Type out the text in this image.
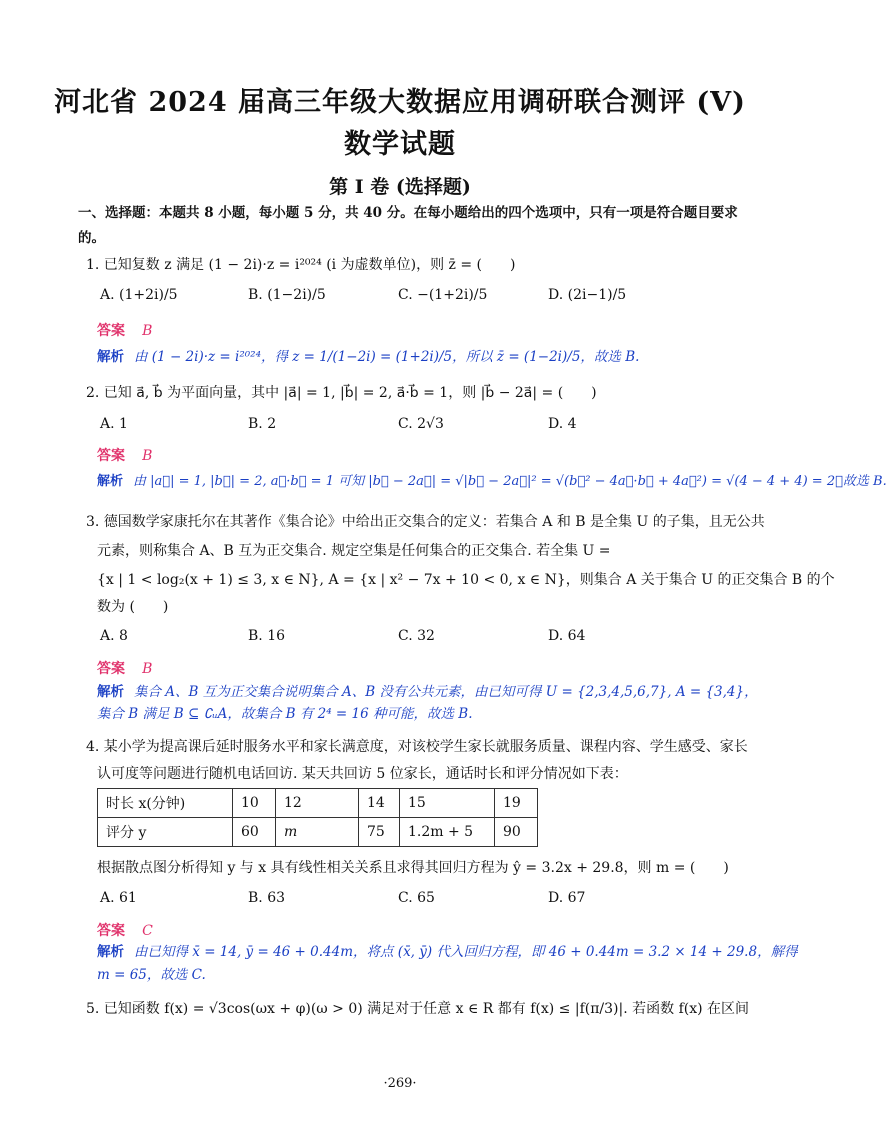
河北省 2024 届高三年级大数据应用调研联合测评 (V)
数学试题
第 I 卷 (选择题)
一、选择题：本题共 8 小题，每小题 5 分，共 40 分。在每小题给出的四个选项中，只有一项是符合题目要求
的。
1. 已知复数 z 满足 (1 − 2i)·z = i²⁰²⁴ (i 为虚数单位)，则 z̄ = (　　)
A. (1+2i)/5	B. (1−2i)/5	C. −(1+2i)/5	D. (2i−1)/5
答案 B
解析 由 (1 − 2i)·z = i²⁰²⁴，得 z = 1/(1−2i) = (1+2i)/5，所以 z̄ = (1−2i)/5，故选 B.
2. 已知 a⃗, b⃗ 为平面向量，其中 |a⃗| = 1, |b⃗| = 2, a⃗·b⃗ = 1，则 |b⃗ − 2a⃗| = (　　)
A. 1	B. 2	C. 2√3	D. 4
答案 B
解析 由 |a⃗| = 1, |b⃗| = 2, a⃗·b⃗ = 1 可知 |b⃗ − 2a⃗| = √|b⃗ − 2a⃗|² = √(b⃗² − 4a⃗·b⃗ + 4a⃗²) = √(4 − 4 + 4) = 2，故选 B.
3. 德国数学家康托尔在其著作《集合论》中给出正交集合的定义：若集合 A 和 B 是全集 U 的子集，且无公共
元素，则称集合 A、B 互为正交集合. 规定空集是任何集合的正交集合. 若全集 U =
{x | 1 < log₂(x + 1) ≤ 3, x ∈ N}, A = {x | x² − 7x + 10 < 0, x ∈ N}，则集合 A 关于集合 U 的正交集合 B 的个
数为 (　　)
A. 8	B. 16	C. 32	D. 64
答案 B
解析 集合 A、B 互为正交集合说明集合 A、B 没有公共元素，由已知可得 U = {2,3,4,5,6,7}, A = {3,4}，
集合 B 满足 B ⊆ ∁ᵤA，故集合 B 有 2⁴ = 16 种可能，故选 B.
4. 某小学为提高课后延时服务水平和家长满意度，对该校学生家长就服务质量、课程内容、学生感受、家长
认可度等问题进行随机电话回访. 某天共回访 5 位家长，通话时长和评分情况如下表：
时长 x(分钟)	10	12	14	15	19
评分 y	60	m	75	1.2m + 5	90
根据散点图分析得知 y 与 x 具有线性相关关系且求得其回归方程为 ŷ = 3.2x + 29.8，则 m = (　　)
A. 61	B. 63	C. 65	D. 67
答案 C
解析 由已知得 x̄ = 14, ȳ = 46 + 0.44m，将点 (x̄, ȳ) 代入回归方程，即 46 + 0.44m = 3.2 × 14 + 29.8，解得
m = 65，故选 C.
5. 已知函数 f(x) = √3cos(ωx + φ)(ω > 0) 满足对于任意 x ∈ R 都有 f(x) ≤ |f(π/3)|. 若函数 f(x) 在区间
·269·
